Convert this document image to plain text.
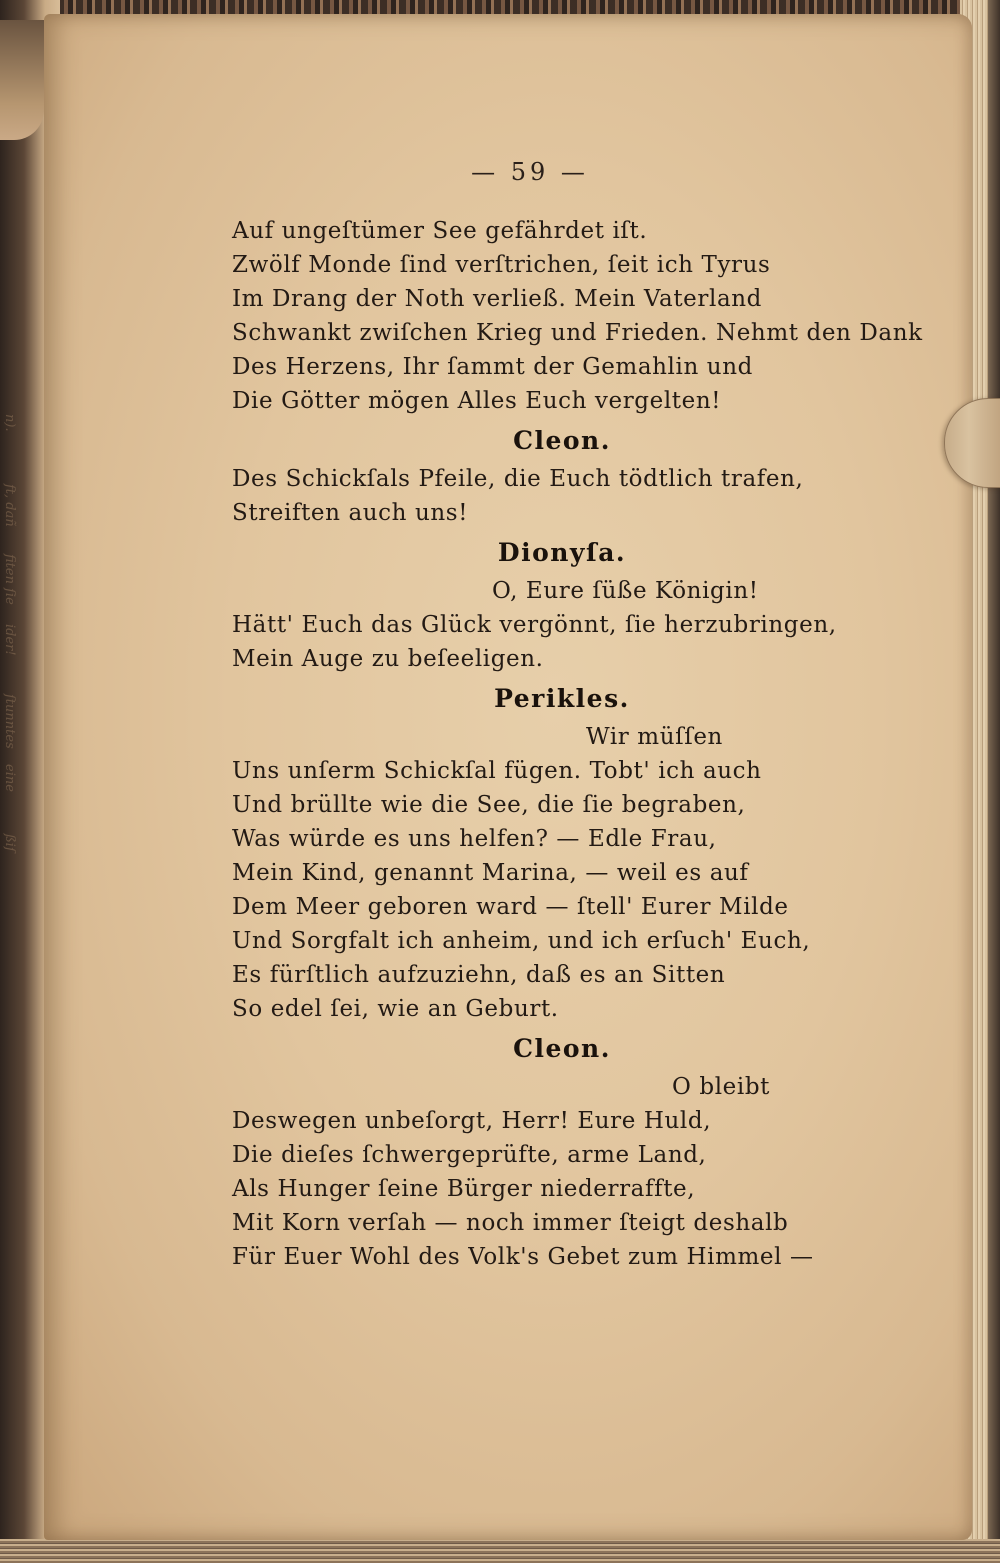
n).
ft, dañ
fiten ſie
ider!
ſtunntes
eine
ßiſ
— 59 —
Auf ungeſtümer See gefährdet iſt.
Zwölf Monde ſind verſtrichen, ſeit ich Tyrus
Im Drang der Noth verließ. Mein Vaterland
Schwankt zwiſchen Krieg und Frieden. Nehmt den Dank
Des Herzens, Ihr ſammt der Gemahlin und
Die Götter mögen Alles Euch vergelten!
Cleon.
Des Schickſals Pfeile, die Euch tödtlich trafen,
Streiften auch uns!
Dionyſa.
O, Eure ſüße Königin!
Hätt' Euch das Glück vergönnt, ſie herzubringen,
Mein Auge zu beſeeligen.
Perikles.
Wir müſſen
Uns unſerm Schickſal fügen. Tobt' ich auch
Und brüllte wie die See, die ſie begraben,
Was würde es uns helfen? — Edle Frau,
Mein Kind, genannt Marina, — weil es auf
Dem Meer geboren ward — ſtell' Eurer Milde
Und Sorgfalt ich anheim, und ich erſuch' Euch,
Es fürſtlich aufzuziehn, daß es an Sitten
So edel ſei, wie an Geburt.
Cleon.
O bleibt
Deswegen unbeſorgt, Herr! Eure Huld,
Die dieſes ſchwergeprüfte, arme Land,
Als Hunger ſeine Bürger niederraffte,
Mit Korn verſah — noch immer ſteigt deshalb
Für Euer Wohl des Volk's Gebet zum Himmel —
